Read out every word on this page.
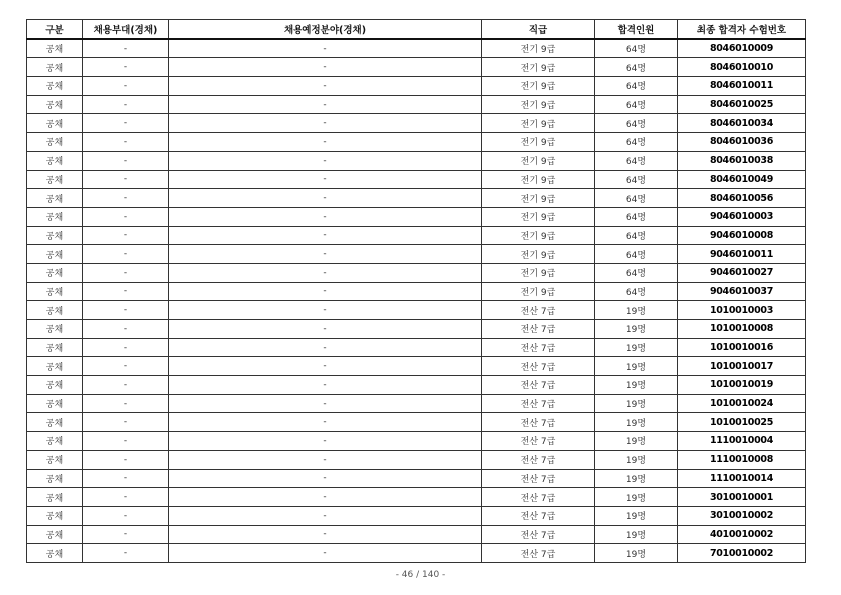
구분	채용부대(경채)	채용예정분야(경채)	직급	합격인원	최종 합격자 수험번호
공채	-	-	전기 9급	64명	8046010009
공채	-	-	전기 9급	64명	8046010010
공채	-	-	전기 9급	64명	8046010011
공채	-	-	전기 9급	64명	8046010025
공채	-	-	전기 9급	64명	8046010034
공채	-	-	전기 9급	64명	8046010036
공채	-	-	전기 9급	64명	8046010038
공채	-	-	전기 9급	64명	8046010049
공채	-	-	전기 9급	64명	8046010056
공채	-	-	전기 9급	64명	9046010003
공채	-	-	전기 9급	64명	9046010008
공채	-	-	전기 9급	64명	9046010011
공채	-	-	전기 9급	64명	9046010027
공채	-	-	전기 9급	64명	9046010037
공채	-	-	전산 7급	19명	1010010003
공채	-	-	전산 7급	19명	1010010008
공채	-	-	전산 7급	19명	1010010016
공채	-	-	전산 7급	19명	1010010017
공채	-	-	전산 7급	19명	1010010019
공채	-	-	전산 7급	19명	1010010024
공채	-	-	전산 7급	19명	1010010025
공채	-	-	전산 7급	19명	1110010004
공채	-	-	전산 7급	19명	1110010008
공채	-	-	전산 7급	19명	1110010014
공채	-	-	전산 7급	19명	3010010001
공채	-	-	전산 7급	19명	3010010002
공채	-	-	전산 7급	19명	4010010002
공채	-	-	전산 7급	19명	7010010002
- 46 / 140 -
